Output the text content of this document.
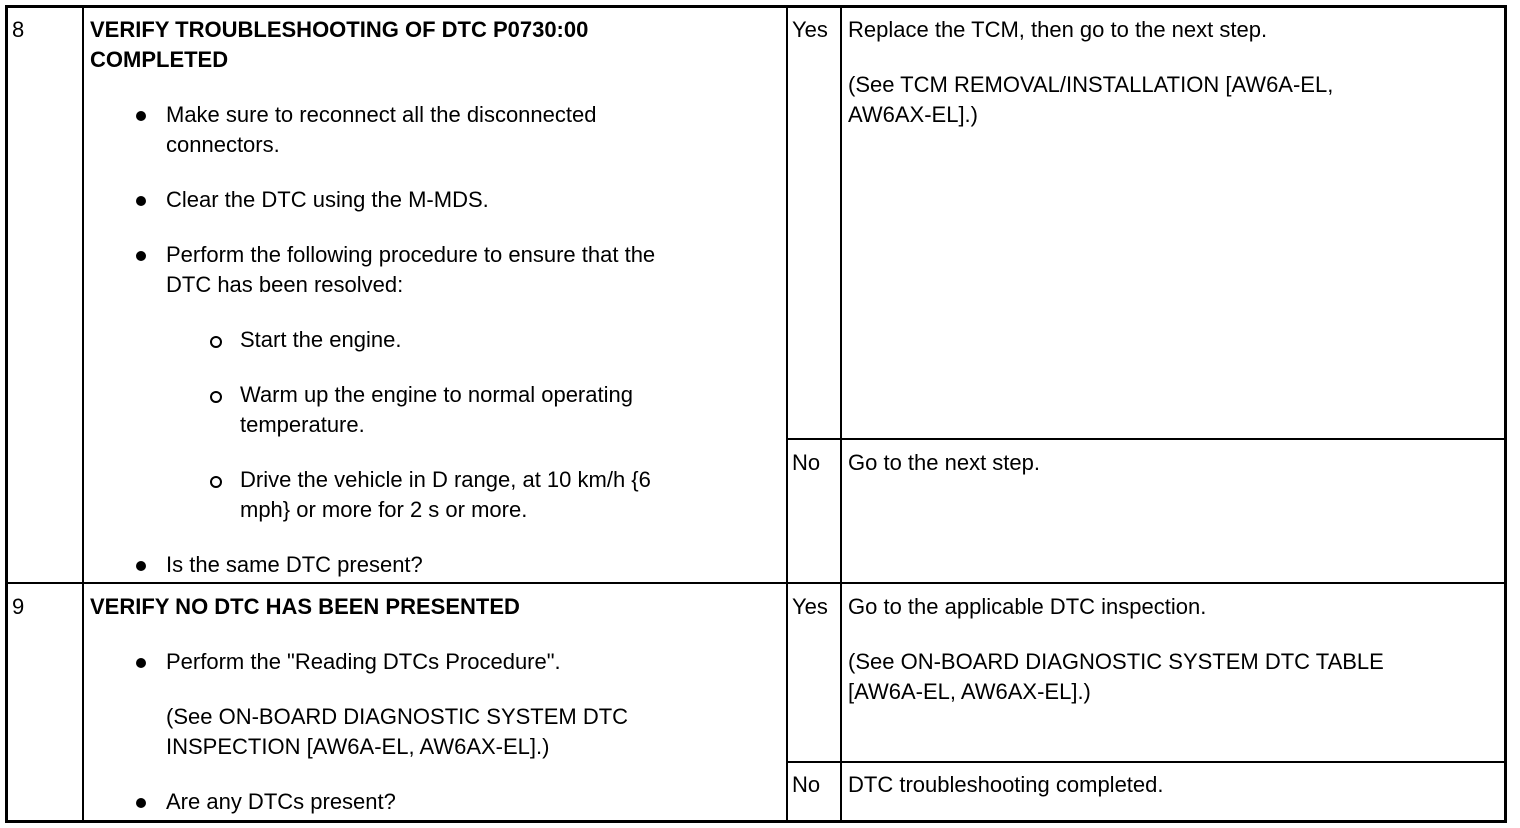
8	VERIFY TROUBLESHOOTING OF DTC P0730:00
COMPLETED
Make sure to reconnect all the disconnected
connectors.
Clear the DTC using the M-MDS.
Perform the following procedure to ensure that the
DTC has been resolved:
Start the engine.
Warm up the engine to normal operating
temperature.
Drive the vehicle in D range, at 10 km/h {6
mph} or more for 2 s or more.
Is the same DTC present?
Yes Replace the TCM, then go to the next step.
(See TCM REMOVAL/INSTALLATION [AW6A-EL,
AW6AX-EL].)
No Go to the next step.
9	VERIFY NO DTC HAS BEEN PRESENTED
Perform the "Reading DTCs Procedure".
(See ON-BOARD DIAGNOSTIC SYSTEM DTC
INSPECTION [AW6A-EL, AW6AX-EL].)
Are any DTCs present?
Yes Go to the applicable DTC inspection.
(See ON-BOARD DIAGNOSTIC SYSTEM DTC TABLE
[AW6A-EL, AW6AX-EL].)
No DTC troubleshooting completed.
